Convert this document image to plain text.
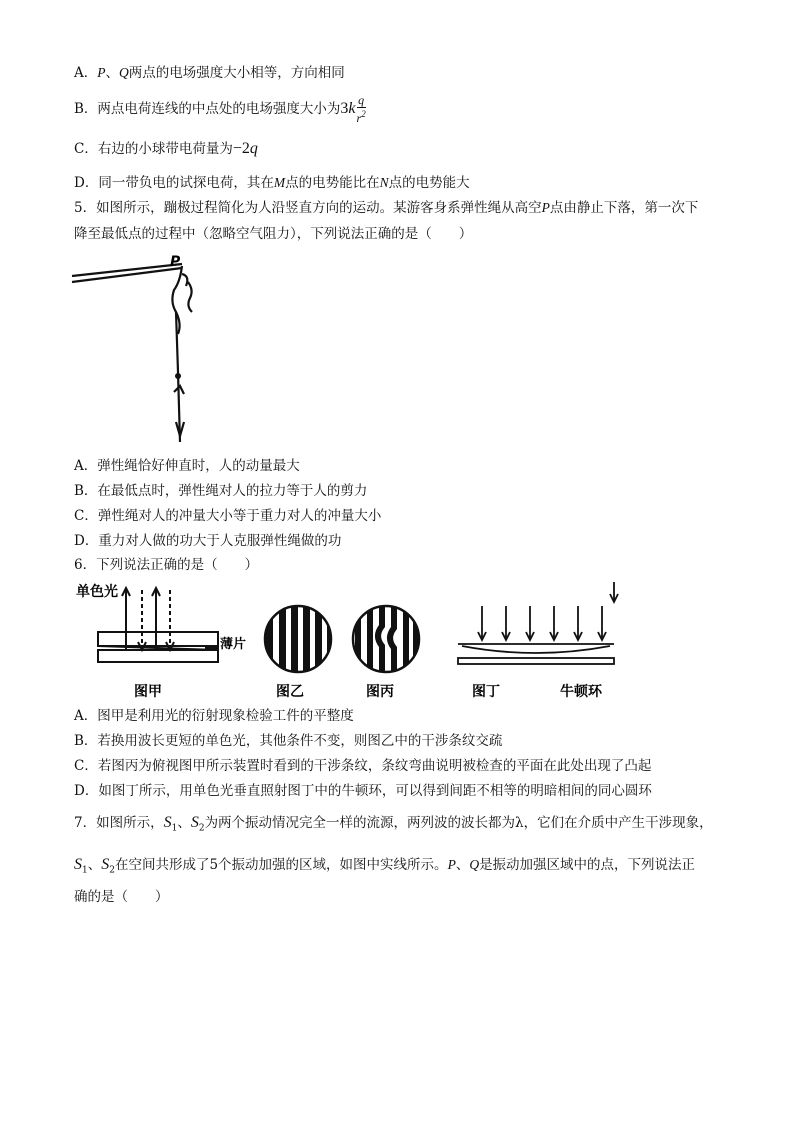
A．P、Q两点的电场强度大小相等，方向相同
B．两点电荷连线的中点处的电场强度大小为$3k \frac{q}{r^2}$
C．右边的小球带电荷量为−2q
D．同一带负电的试探电荷，其在M点的电势能比在N点的电势能大
5．如图所示，蹦极过程简化为人沿竖直方向的运动。某游客身系弹性绳从高空P点由静止下落，第一次下
降至最低点的过程中（忽略空气阻力），下列说法正确的是（　　）
P
A．弹性绳恰好伸直时，人的动量最大
B．在最低点时，弹性绳对人的拉力等于人的剪力
C．弹性绳对人的冲量大小等于重力对人的冲量大小
D．重力对人做的功大于人克服弹性绳做的功
6．下列说法正确的是（　　）
单色光
薄片
图甲	图乙	图丙	图丁	牛顿环
A．图甲是利用光的衍射现象检验工件的平整度
B．若换用波长更短的单色光，其他条件不变，则图乙中的干涉条纹交疏
C．若图丙为俯视图甲所示装置时看到的干涉条纹，条纹弯曲说明被检查的平面在此处出现了凸起
D．如图丁所示，用单色光垂直照射图丁中的牛顿环，可以得到间距不相等的明暗相间的同心圆环
7．如图所示，$S_1$、$S_2$为两个振动情况完全一样的流源，两列波的波长都为λ，它们在介质中产生干涉现象，
$S_1$、$S_2$在空间共形成了5个振动加强的区域，如图中实线所示。P、Q是振动加强区域中的点，下列说法正
确的是（　　）
